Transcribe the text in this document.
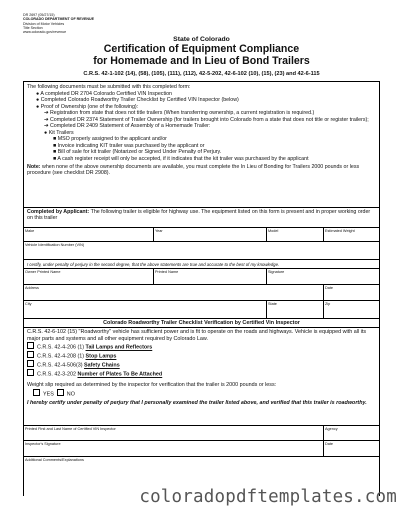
DR 2697 (05/27/15)
COLORADO DEPARTMENT OF REVENUE
Division of Motor Vehicles
Title Section
www.colorado.gov/revenue
State of Colorado
Certification of Equipment Compliance
for Homemade and In Lieu of Bond Trailers
C.R.S. 42-1-102 (14), (58), (105), (111), (112), 42-5-202, 42-6-102 (10), (15), (23) and 42-6-115

The following documents must be submitted with this completed form:

● A completed DR 2704 Colorado Certified VIN Inspection

● Completed Colorado Roadworthy Trailer Checklist by Certified VIN Inspector (below)

● Proof of Ownership (one of the following):

➔ Registration from state that does not title trailers (When transferring ownership, a current registration is required.)

➔ Completed DR 2374 Statement of Trailer Ownership (for trailers brought into Colorado from a state that does not title or register trailers);

➔ Completed DR 2409 Statement of Assembly of a Homemade Trailer:

● Kit Trailers

■ MSO properly assigned to the applicant and/or

■ Invoice indicating KIT trailer was purchased by the applicant or

■ Bill of sale for kit trailer (Notarized or Signed Under Penalty of Perjury.

■ A cash register receipt will only be accepted, if it indicates that the kit trailer was purchased by the applicant

Note: when none of the above ownership documents are available, you must complete the In Lieu of Bonding for Trailers 2000 pounds or less procedure (see checklist DR 2908).

Completed by Applicant: The following trailer is eligible for highway use. The equipment listed on this form is present and in proper working order on this trailer
Make	Year	Model	Estimated Weight
Vehicle Identification Number (VIN)
I certify, under penalty of perjury in the second degree, that the above statements are true and accurate to the best of my knowledge.
Owner Printed Name	Printed Name	Signature
Address	Date
City	State	Zip
Colorado Roadworthy Trailer Checklist Verification by Certified Vin Inspector

C.R.S. 42-6-102 (15) "Roadworthy" vehicle has sufficient power and is fit to operate on the roads and highways. Vehicle is equipped with all its major parts and systems and all other equipment required by Colorado Law.

C.R.S. 42-4-206 (1) Tail Lamps and Reflectors

C.R.S. 42-4-208 (1) Stop Lamps

C.R.S. 42-4-506(3) Safety Chains

C.R.S. 42-3-202 Number of Plates To Be Attached

Weight slip required as determined by the inspector for verification that the trailer is 2000 pounds or less:

YES NO

I hereby certify under penalty of perjury that I personally examined the trailer listed above, and verified that this trailer is roadworthy.

Printed First and Last Name of Certified VIN Inspector	Agency
Inspector's Signature	Date
Additional Comments/Explanations
coloradopdftemplates.com
